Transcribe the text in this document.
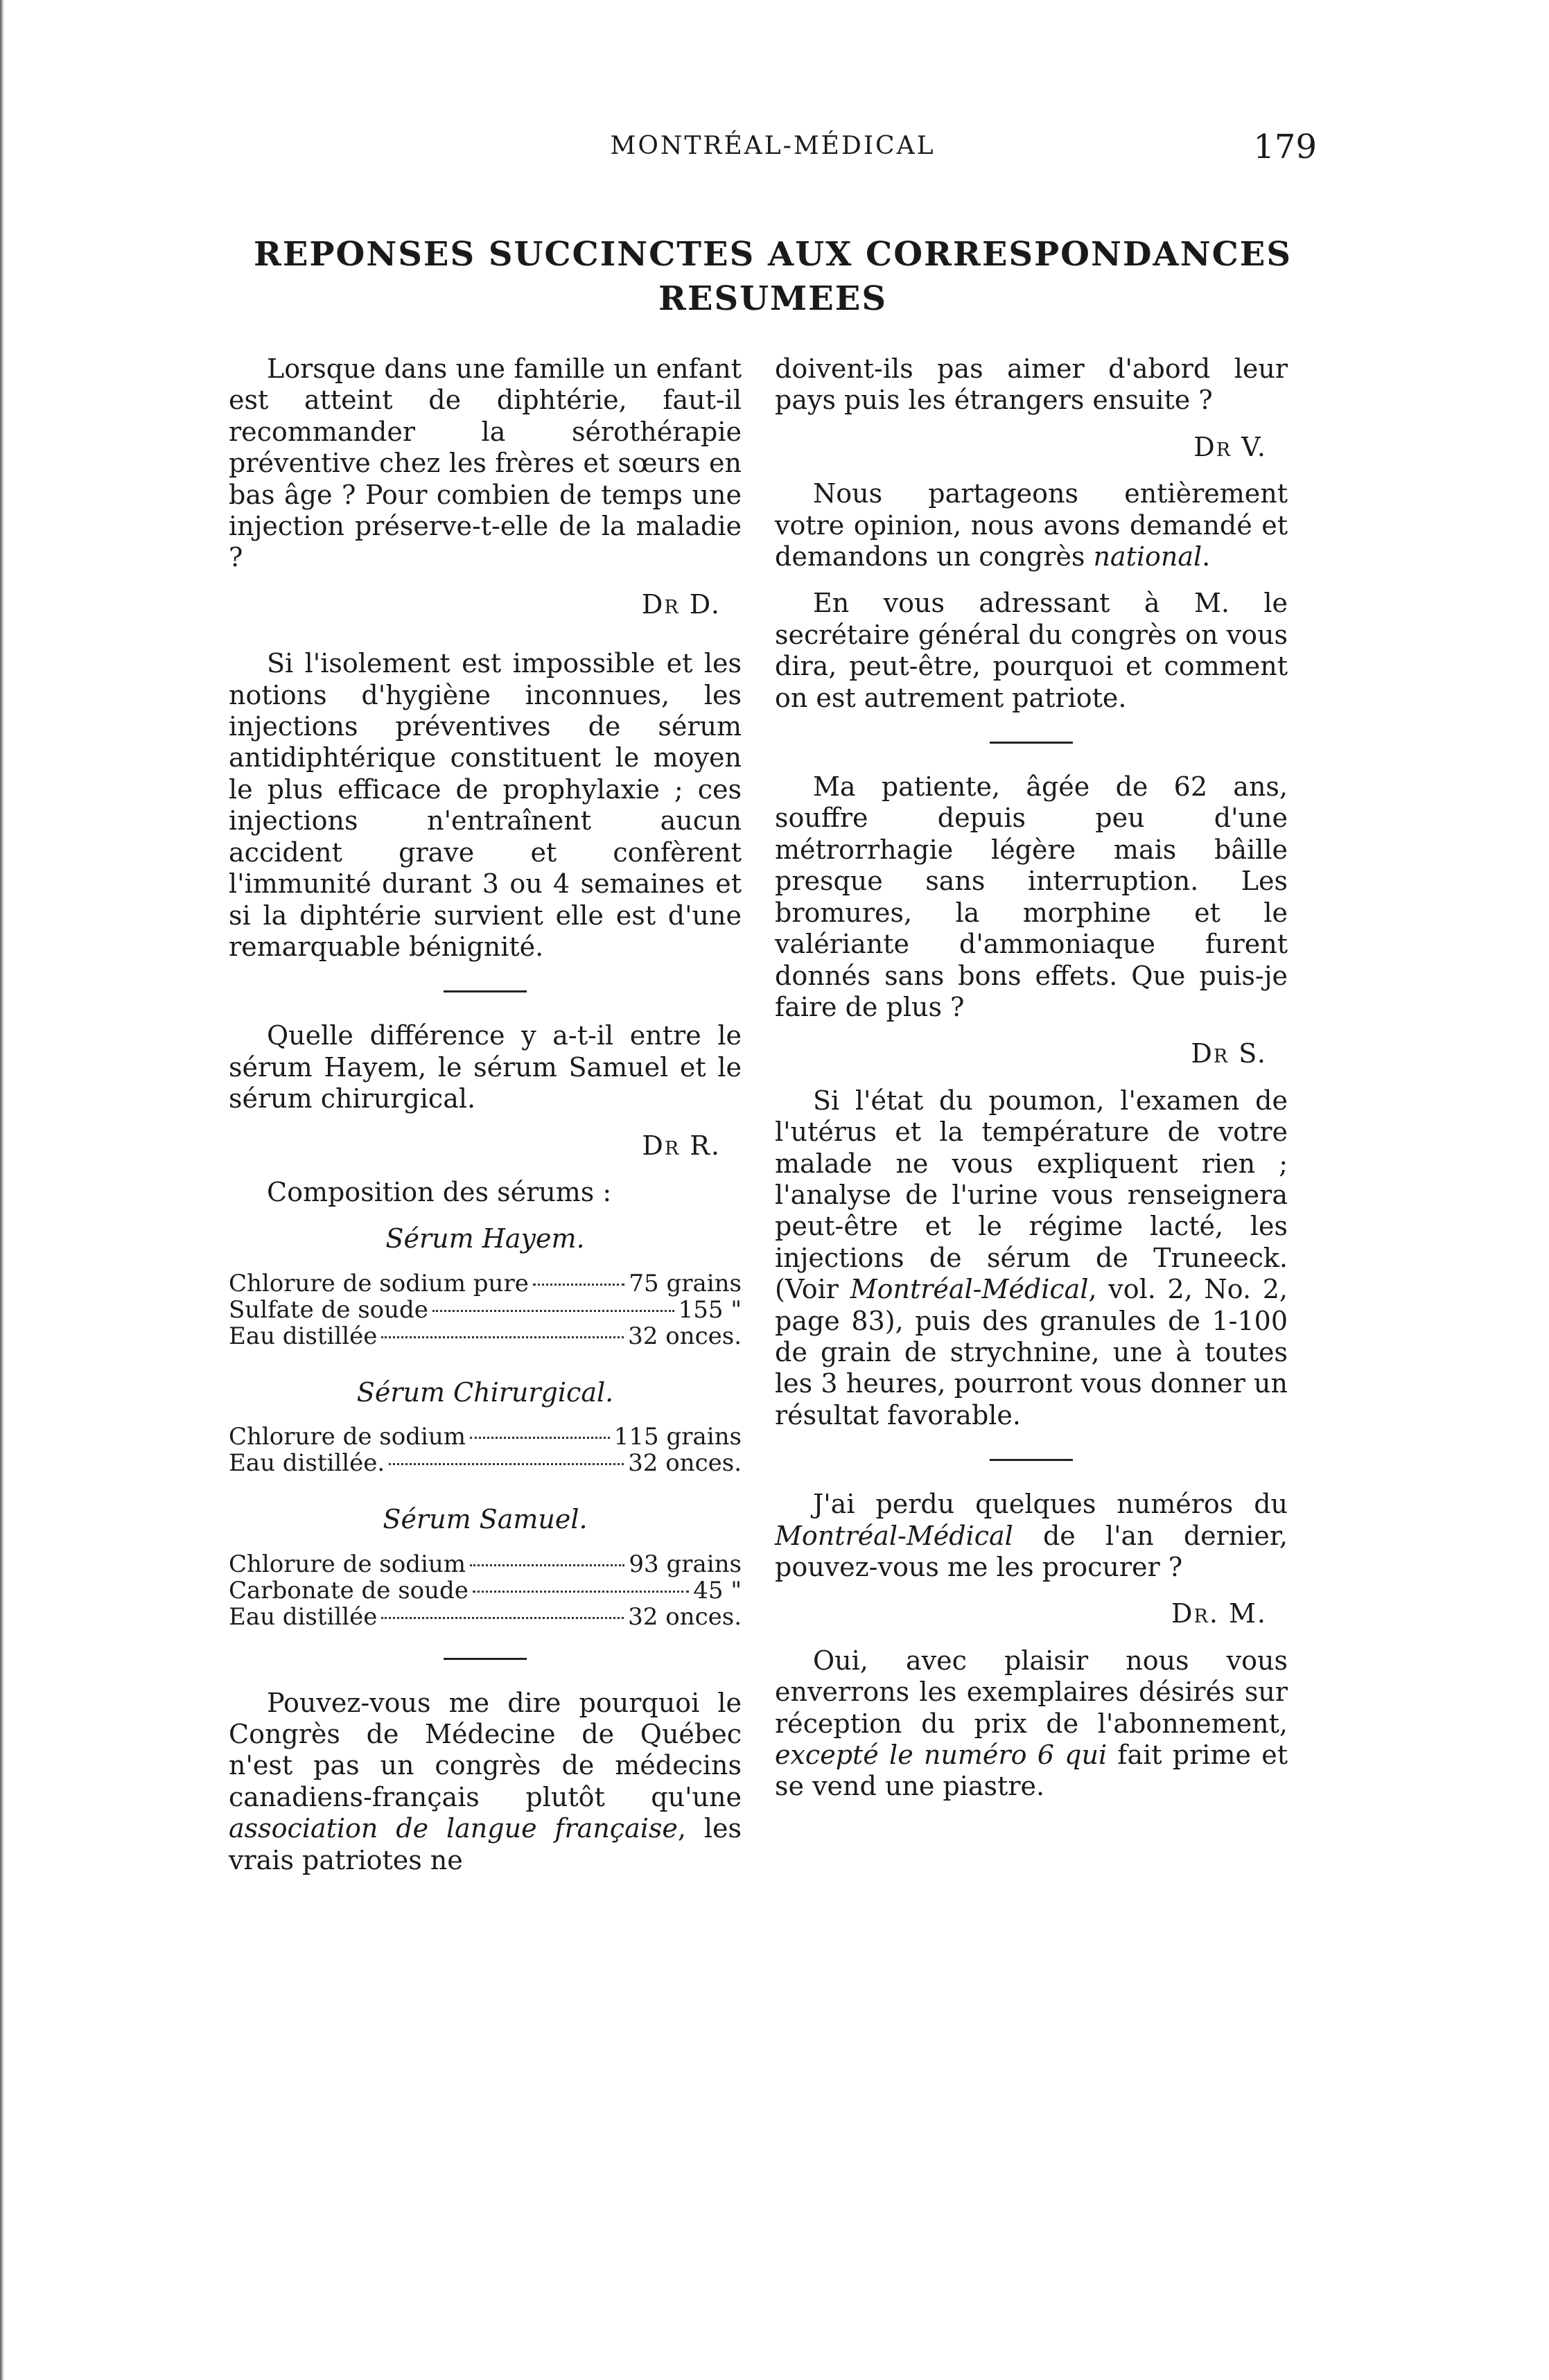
MONTRÉAL-MÉDICAL	179
REPONSES SUCCINCTES AUX CORRESPONDANCES
RESUMEES

Lorsque dans une famille un enfant est atteint de diphtérie, faut-il recommander la sérothérapie préventive chez les frères et sœurs en bas âge ? Pour combien de temps une injection préserve-t-elle de la maladie ?

Dr D.

Si l'isolement est impossible et les notions d'hygiène inconnues, les injections préventives de sérum antidiphtérique constituent le moyen le plus efficace de prophylaxie ; ces injections n'entraînent aucun accident grave et confèrent l'immunité durant 3 ou 4 semaines et si la diphtérie survient elle est d'une remarquable bénignité.

Quelle différence y a-t-il entre le sérum Hayem, le sérum Samuel et le sérum chirurgical.

Dr R.

Composition des sérums :

Sérum Hayem.
Chlorure de sodium pure	75 grains
Sulfate de soude	155 "
Eau distillée	32 onces.
Sérum Chirurgical.
Chlorure de sodium	115 grains
Eau distillée.	32 onces.
Sérum Samuel.
Chlorure de sodium	93 grains
Carbonate de soude	45 "
Eau distillée	32 onces.

Pouvez-vous me dire pourquoi le Congrès de Médecine de Québec n'est pas un congrès de médecins canadiens-français plutôt qu'une association de langue française, les vrais patriotes ne

doivent-ils pas aimer d'abord leur pays puis les étrangers ensuite ?

Dr V.

Nous partageons entièrement votre opinion, nous avons demandé et demandons un congrès national.

En vous adressant à M. le secrétaire général du congrès on vous dira, peut-être, pourquoi et comment on est autrement patriote.

Ma patiente, âgée de 62 ans, souffre depuis peu d'une métrorrhagie légère mais bâille presque sans interruption. Les bromures, la morphine et le valériante d'ammoniaque furent donnés sans bons effets. Que puis-je faire de plus ?

Dr S.

Si l'état du poumon, l'examen de l'utérus et la température de votre malade ne vous expliquent rien ; l'analyse de l'urine vous renseignera peut-être et le régime lacté, les injections de sérum de Truneeck. (Voir Montréal-Médical, vol. 2, No. 2, page 83), puis des granules de 1-100 de grain de strychnine, une à toutes les 3 heures, pourront vous donner un résultat favorable.

J'ai perdu quelques numéros du Montréal-Médical de l'an dernier, pouvez-vous me les procurer ?

Dr. M.

Oui, avec plaisir nous vous enverrons les exemplaires désirés sur réception du prix de l'abonnement, excepté le numéro 6 qui fait prime et se vend une piastre.
